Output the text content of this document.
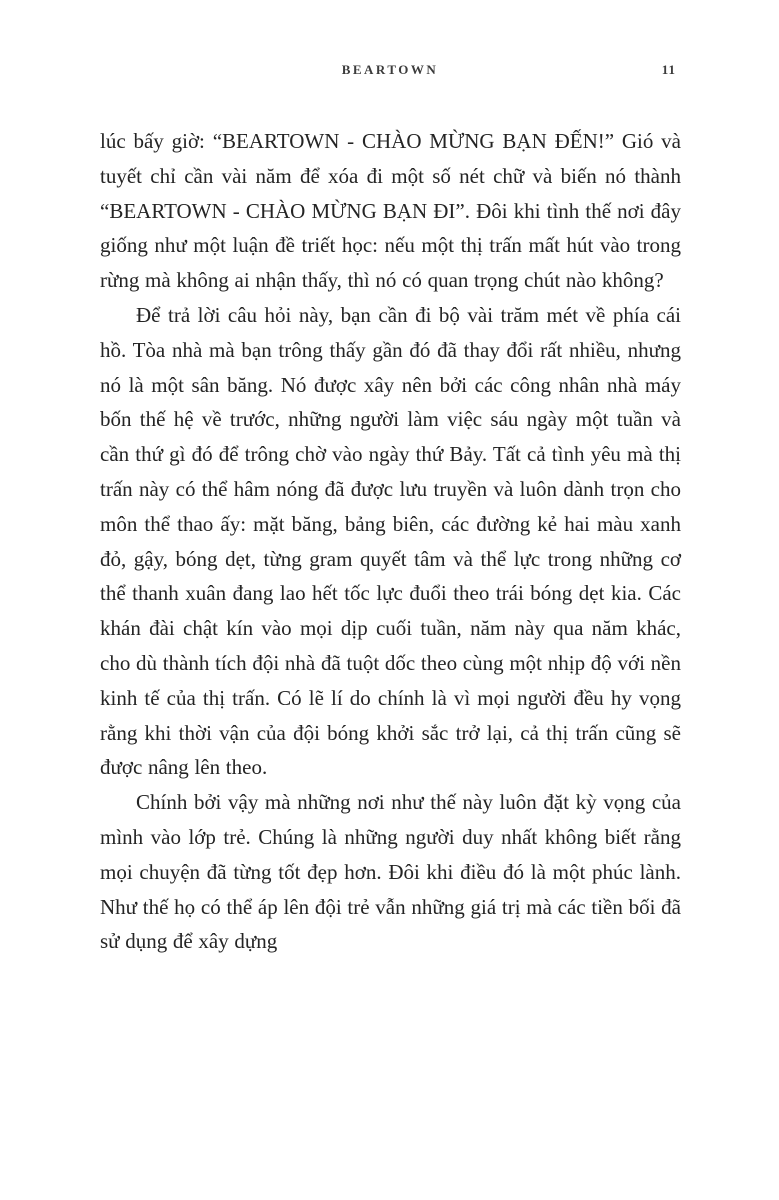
BEARTOWN	11

lúc bấy giờ: “BEARTOWN - CHÀO MỪNG BẠN ĐẾN!” Gió và tuyết chỉ cần vài năm để xóa đi một số nét chữ và biến nó thành “BEARTOWN - CHÀO MỪNG BẠN ĐI”. Đôi khi tình thế nơi đây giống như một luận đề triết học: nếu một thị trấn mất hút vào trong rừng mà không ai nhận thấy, thì nó có quan trọng chút nào không?

Để trả lời câu hỏi này, bạn cần đi bộ vài trăm mét về phía cái hồ. Tòa nhà mà bạn trông thấy gần đó đã thay đổi rất nhiều, nhưng nó là một sân băng. Nó được xây nên bởi các công nhân nhà máy bốn thế hệ về trước, những người làm việc sáu ngày một tuần và cần thứ gì đó để trông chờ vào ngày thứ Bảy. Tất cả tình yêu mà thị trấn này có thể hâm nóng đã được lưu truyền và luôn dành trọn cho môn thể thao ấy: mặt băng, bảng biên, các đường kẻ hai màu xanh đỏ, gậy, bóng dẹt, từng gram quyết tâm và thể lực trong những cơ thể thanh xuân đang lao hết tốc lực đuổi theo trái bóng dẹt kia. Các khán đài chật kín vào mọi dịp cuối tuần, năm này qua năm khác, cho dù thành tích đội nhà đã tuột dốc theo cùng một nhịp độ với nền kinh tế của thị trấn. Có lẽ lí do chính là vì mọi người đều hy vọng rằng khi thời vận của đội bóng khởi sắc trở lại, cả thị trấn cũng sẽ được nâng lên theo.

Chính bởi vậy mà những nơi như thế này luôn đặt kỳ vọng của mình vào lớp trẻ. Chúng là những người duy nhất không biết rằng mọi chuyện đã từng tốt đẹp hơn. Đôi khi điều đó là một phúc lành. Như thế họ có thể áp lên đội trẻ vẫn những giá trị mà các tiền bối đã sử dụng để xây dựng
